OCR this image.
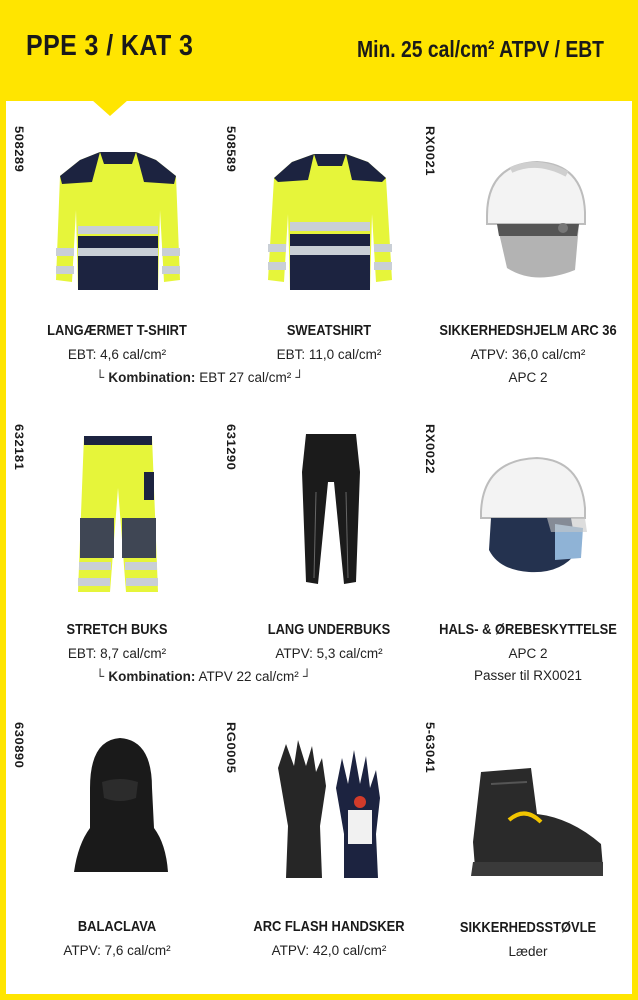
PPE 3 / KAT 3	Min. 25 cal/cm² ATPV / EBT
508289
LANGÆRMET T-SHIRT
EBT: 4,6 cal/cm²
508589
SWEATSHIRT
EBT: 11,0 cal/cm²
RX0021
SIKKERHEDSHJELM ARC 36
ATPV: 36,0 cal/cm²
APC 2
└ Kombination: EBT 27 cal/cm² ┘
632181
STRETCH BUKS
EBT: 8,7 cal/cm²
631290
LANG UNDERBUKS
ATPV: 5,3 cal/cm²
RX0022
HALS- & ØREBESKYTTELSE
APC 2
Passer til RX0021
└ Kombination: ATPV 22 cal/cm² ┘
630890
BALACLAVA
ATPV: 7,6 cal/cm²
RG0005
ARC FLASH HANDSKER
ATPV: 42,0 cal/cm²
5-63041
SIKKERHEDSSTØVLE
Læder
